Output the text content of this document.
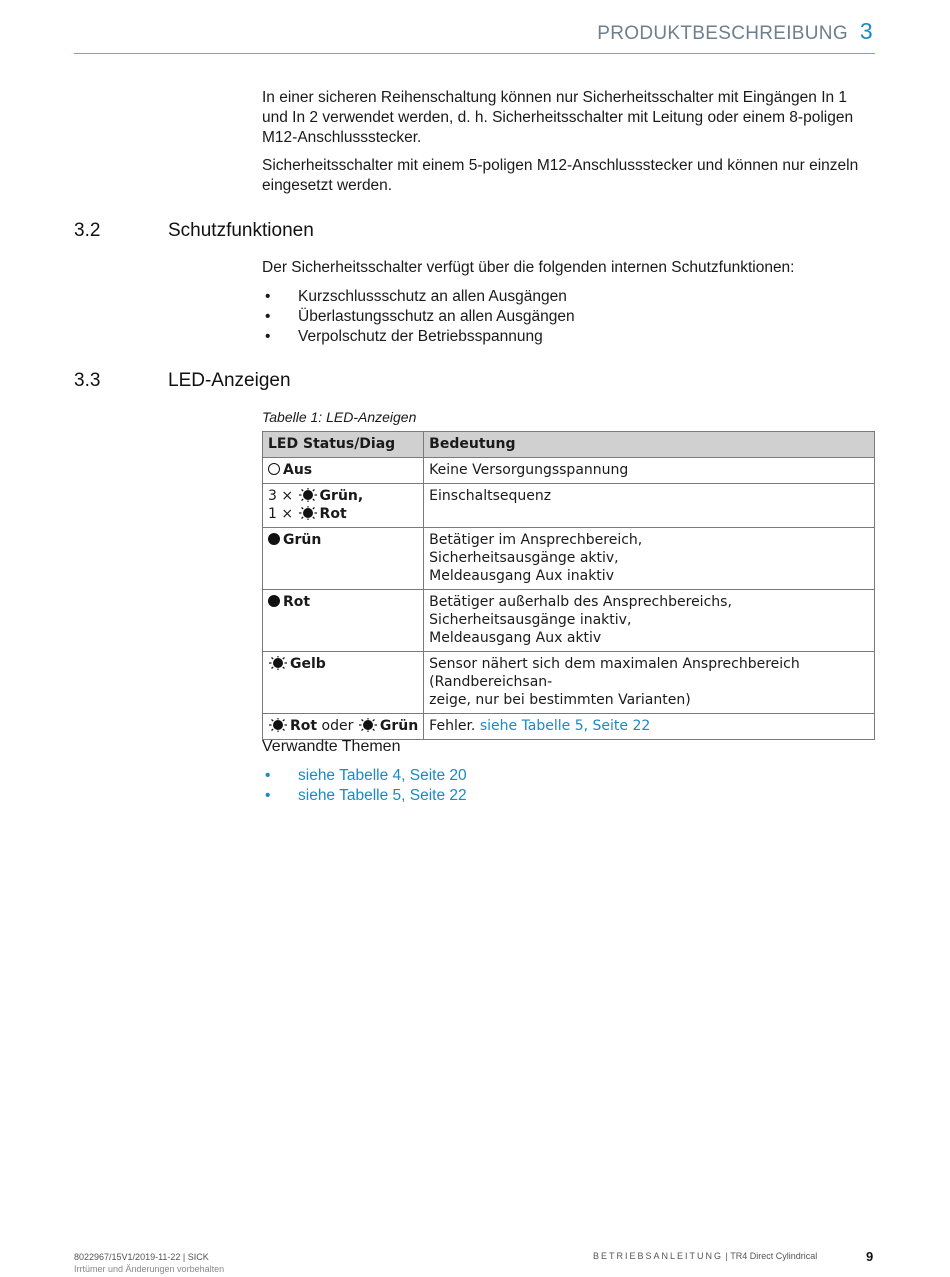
PRODUKTBESCHREIBUNG 3

In einer sicheren Reihenschaltung können nur Sicherheitsschalter mit Eingängen In 1 und In 2 verwendet werden, d. h. Sicherheitsschalter mit Leitung oder einem 8-poligen M12-Anschlussstecker.

Sicherheitsschalter mit einem 5-poligen M12-Anschlussstecker und können nur einzeln eingesetzt werden.

3.2	Schutzfunktionen

Der Sicherheitsschalter verfügt über die folgenden internen Schutzfunktionen:

• Kurzschlussschutz an allen Ausgängen
• Überlastungsschutz an allen Ausgängen
• Verpolschutz der Betriebsspannung
3.3	LED-Anzeigen
Tabelle 1: LED-Anzeigen
LED Status/Diag	Bedeutung
Aus	Keine Versorgungsspannung

3 × Grün,
1 × Rot	Einschaltsequenz
Grün	Betätiger im Ansprechbereich,
Sicherheitsausgänge aktiv,
Meldeausgang Aux inaktiv

Rot	Betätiger außerhalb des Ansprechbereichs,
Sicherheitsausgänge inaktiv,
Meldeausgang Aux aktiv

Gelb	Sensor nähert sich dem maximalen Ansprechbereich (Randbereichsan-
zeige, nur bei bestimmten Varianten)

Rot oder Grün	Fehler. siehe Tabelle 5, Seite 22
Verwandte Themen
• siehe Tabelle 4, Seite 20
• siehe Tabelle 5, Seite 22
8022967/15V1/2019-11-22 | SICK
Irrtümer und Änderungen vorbehalten
BETRIEBSANLEITUNG | TR4 Direct Cylindrical	9
